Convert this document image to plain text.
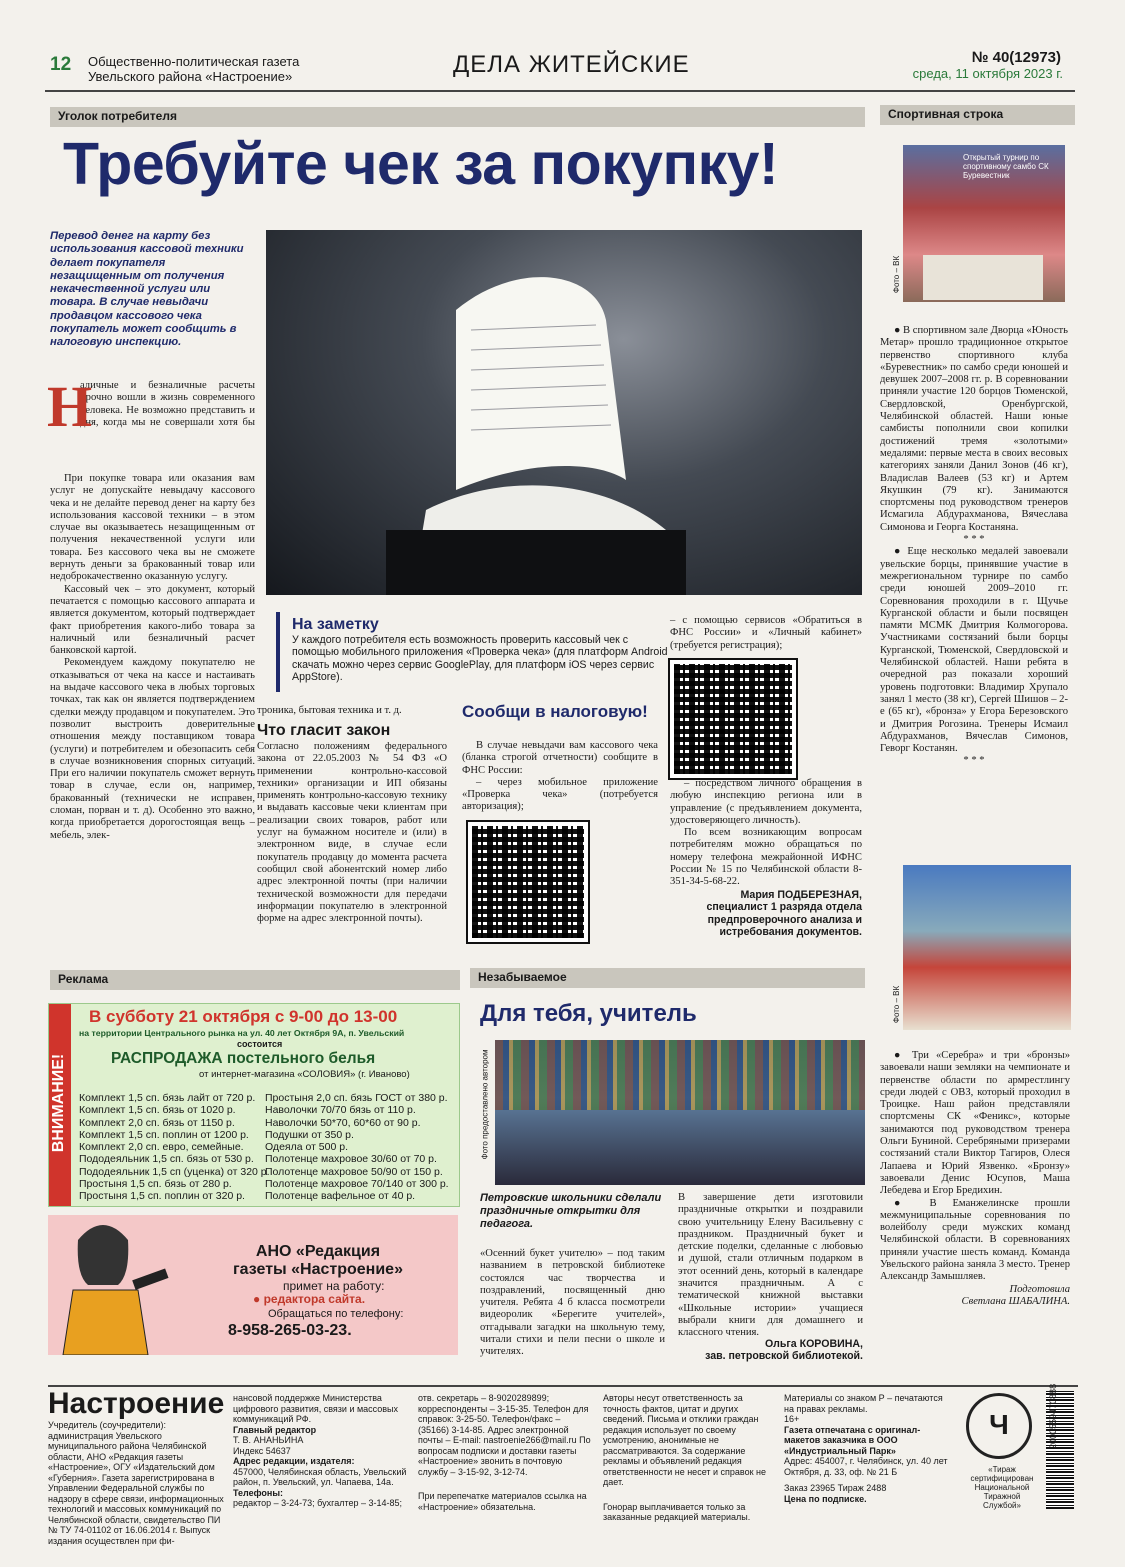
12 Общественно-политическая газета
Увельского района «Настроение»	ДЕЛА ЖИТЕЙСКИЕ	№ 40(12973)
среда, 11 октября 2023 г.
Уголок потребителя
Требуйте чек за покупку!
Перевод денег на карту без использования кассовой техники делает покупателя незащищенным от получения некачественной услуги или товара. В случае невыдачи продавцом кассового чека покупатель может сообщить в налоговую инспекцию.
Н
аличные и безналичные расчеты прочно вошли в жизнь современного человека. Не возможно представить и дня, когда мы не совершали хотя бы

При покупке товара или оказания вам услуг не допускайте невыдачу кассового чека и не делайте перевод денег на карту без использования кассовой техники – в этом случае вы оказываетесь незащищенным от получения некачественной услуги или товара. Без кассового чека вы не сможете вернуть деньги за бракованный товар или недоброкачественно оказанную услугу.

Кассовый чек – это документ, который печатается с помощью кассового аппарата и является документом, который подтверждает факт приобретения какого-либо товара за наличный или безналичный расчет банковской картой.

Рекомендуем каждому покупателю не отказываться от чека на кассе и настаивать на выдаче кассового чека в любых торговых точках, так как он является подтверждением сделки между продавцом и покупателем. Это позволит выстроить доверительные отношения между поставщиком товара (услуги) и потребителем и обезопасить себя в случае возникновения спорных ситуаций. При его наличии покупатель сможет вернуть товар в случае, если он, например, бракованный (технически не исправен, сломан, порван и т. д). Особенно это важно, когда приобретается дорогостоящая вещь – мебель, элек-

троника, бытовая техника и т. д.
Что гласит закон
Согласно положениям федерального закона от 22.05.2003 № 54 ФЗ «О применении контрольно-кассовой техники» организации и ИП обязаны применять контрольно-кассовую технику и выдавать кассовые чеки клиентам при реализации своих товаров, работ или услуг на бумажном носителе и (или) в электронном виде, в случае если покупатель продавцу до момента расчета сообщил свой абонентский номер либо адрес электронной почты (при наличии технической возможности для передачи информации покупателю в электронной форме на адрес электронной почты).
На заметку
У каждого потребителя есть возможность проверить кассовый чек с помощью мобильного приложения «Проверка чека» (для платформ Android скачать можно через сервис GooglePlay, для платформ iOS через сервис AppStore).
Сообщи в налоговую!

В случае невыдачи вам кассового чека (бланка строгой отчетности) сообщите в ФНС России:

– через мобильное приложение «Проверка чека» (потребуется авторизация);

– с помощью сервисов «Обратиться в ФНС России» и «Личный кабинет» (требуется регистрация);

– посредством личного обращения в любую инспекцию региона или в управление (с предъявлением документа, удостоверяющего личность).

По всем возникающим вопросам потребителям можно обращаться по номеру телефона межрайонной ИФНС России № 15 по Челябинской области 8-351-34-5-68-22.

Мария ПОДБЕРЕЗНАЯ,
специалист 1 разряда отдела предпроверочного анализа и истребования документов.
Спортивная строка
Открытый турнир по спортивному самбо СК Буревестник
Фото – ВК

● В спортивном зале Дворца «Юность Метар» прошло традиционное открытое первенство спортивного клуба «Буревестник» по самбо среди юношей и девушек 2007–2008 гг. р. В соревновании приняли участие 120 борцов Тюменской, Свердловской, Оренбургской, Челябинской областей. Наши юные самбисты пополнили свои копилки достижений тремя «золотыми» медалями: первые места в своих весовых категориях заняли Данил Зонов (46 кг), Владислав Валеев (53 кг) и Артем Якушкин (79 кг). Занимаются спортсмены под руководством тренеров Исмагила Абдурахманова, Вячеслава Симонова и Георга Костаняна.

* * *

● Еще несколько медалей завоевали увельские борцы, принявшие участие в межрегиональном турнире по самбо среди юношей 2009–2010 гг. Соревнования проходили в г. Щучье Курганской области и были посвящен памяти МСМК Дмитрия Колмогорова. Участниками состязаний были борцы Курганской, Тюменской, Свердловской и Челябинской областей. Наши ребята в очередной раз показали хороший уровень подготовки: Владимир Хрупало занял 1 место (38 кг), Сергей Шишов – 2-е (65 кг), «бронза» у Егора Березовского и Дмитрия Рогозина. Тренеры Исмаил Абдурахманов, Вячеслав Симонов, Геворг Костанян.

* * *
Фото – ВК

● Три «Серебра» и три «бронзы» завоевали наши земляки на чемпионате и первенстве области по армрестлингу среди людей с ОВЗ, который проходил в Троицке. Наш район представляли спортсмены СК «Феникс», которые занимаются под руководством тренера Ольги Буниной. Серебряными призерами состязаний стали Виктор Тагиров, Олеся Лапаева и Юрий Язвенко. «Бронзу» завоевали Денис Юсупов, Маша Лебедева и Егор Бредихин.

● В Еманжелинске прошли межмуниципальные соревнования по волейболу среди мужских команд Челябинской области. В соревнованиях приняли участие шесть команд. Команда Увельского района заняла 3 место. Тренер Александр Замышляев.

Подготовила
Светлана ШАБАЛИНА.
Реклама
ВНИМАНИЕ!
В субботу 21 октября с 9-00 до 13-00
на территории Центрального рынка на ул. 40 лет Октября 9А, п. Увельский
состоится
РАСПРОДАЖА постельного белья
от интернет-магазина «СОЛОВИЯ» (г. Иваново)
Комплект 1,5 сп. бязь лайт от 720 р.
Комплект 1,5 сп. бязь от 1020 р.
Комплект 2,0 сп. бязь от 1150 р.
Комплект 1,5 сп. поплин от 1200 р.
Комплект 2,0 сп. евро, семейные.
Пододеяльник 1,5 сп. бязь от 530 р.
Пододеяльник 1,5 сп (уценка) от 320 р.
Простыня 1,5 сп. бязь от 280 р.
Простыня 1,5 сп. поплин от 320 р.
Простыня 2,0 сп. бязь ГОСТ от 380 р.
Наволочки 70/70 бязь от 110 р.
Наволочки 50*70, 60*60 от 90 р.
Подушки от 350 р.
Одеяла от 500 р.
Полотенце махровое 30/60 от 70 р.
Полотенце махровое 50/90 от 150 р.
Полотенце махровое 70/140 от 300 р.
Полотенце вафельное от 40 р.
АНО «Редакция газеты «Настроение»
примет на работу:
● редактора сайта.
Обращаться по телефону:
8-958-265-03-23.
Незабываемое
Для тебя, учитель
Фото предоставлено автором
Петровские школьники сделали праздничные открытки для педагога.
«Осенний букет учителю» – под таким названием в петровской библиотеке состоялся час творчества и поздравлений, посвященный дню учителя. Ребята 4 б класса посмотрели видеоролик «Берегите учителей», отгадывали загадки на школьную тему, читали стихи и пели песни о школе и учителях.
В завершение дети изготовили праздничные открытки и поздравили свою учительницу Елену Васильевну с праздником. Праздничный букет и детские поделки, сделанные с любовью и душой, стали отличным подарком в этот осенний день, который в календаре значится праздничным. А с тематической книжной выставки «Школьные истории» учащиеся выбрали книги для домашнего и классного чтения.
Ольга КОРОВИНА,
зав. петровской библиотекой.
Настроение
Учредитель (соучредители): администрация Увельского муниципального района Челябинской области, АНО «Редакция газеты «Настроение», ОГУ «Издательский дом «Губерния». Газета зарегистрирована в Управлении Федеральной службы по надзору в сфере связи, информационных технологий и массовых коммуникаций по Челябинской области, свидетельство ПИ № ТУ 74-01102 от 16.06.2014 г. Выпуск издания осуществлен при фи-
нансовой поддержке Министерства цифрового развития, связи и массовых коммуникаций РФ.
Главный редактор
Т. В. АНАНЬИНА
Индекс 54637
Адрес редакции, издателя:
457000, Челябинская область, Увельский район, п. Увельский, ул. Чапаева, 14а.
Телефоны:
редактор – 3-24-73; бухгалтер – 3-14-85;
отв. секретарь – 8-9020289899; корреспонденты – 3-15-35. Телефон для справок: 3-25-50. Телефон/факс – (35166) 3-14-85. Адрес электронной почты – E-mail: nastroenie266@mail.ru По вопросам подписки и доставки газеты «Настроение» звонить в почтовую службу – 3-15-92, 3-12-74.
При перепечатке материалов ссылка на «Настроение» обязательна.
Авторы несут ответственность за точность фактов, цитат и других сведений. Письма и отклики граждан редакция использует по своему усмотрению, анонимные не рассматриваются. За содержание рекламы и объявлений редакция ответственности не несет и справок не дает.
Гонорар выплачивается только за заказанные редакцией материалы.
Материалы со знаком Р – печатаются на правах рекламы.
16+
Газета отпечатана с оригинал-макетов заказчика в ООО «Индустриальный Парк»
Адрес: 454007, г. Челябинск, ул. 40 лет Октября, д. 33, оф. № 21 Б
Заказ 23965 Тираж 2488
Цена по подписке.
Ч
«Тираж сертифицирован Национальной Тиражной Службой»
2000559470888
